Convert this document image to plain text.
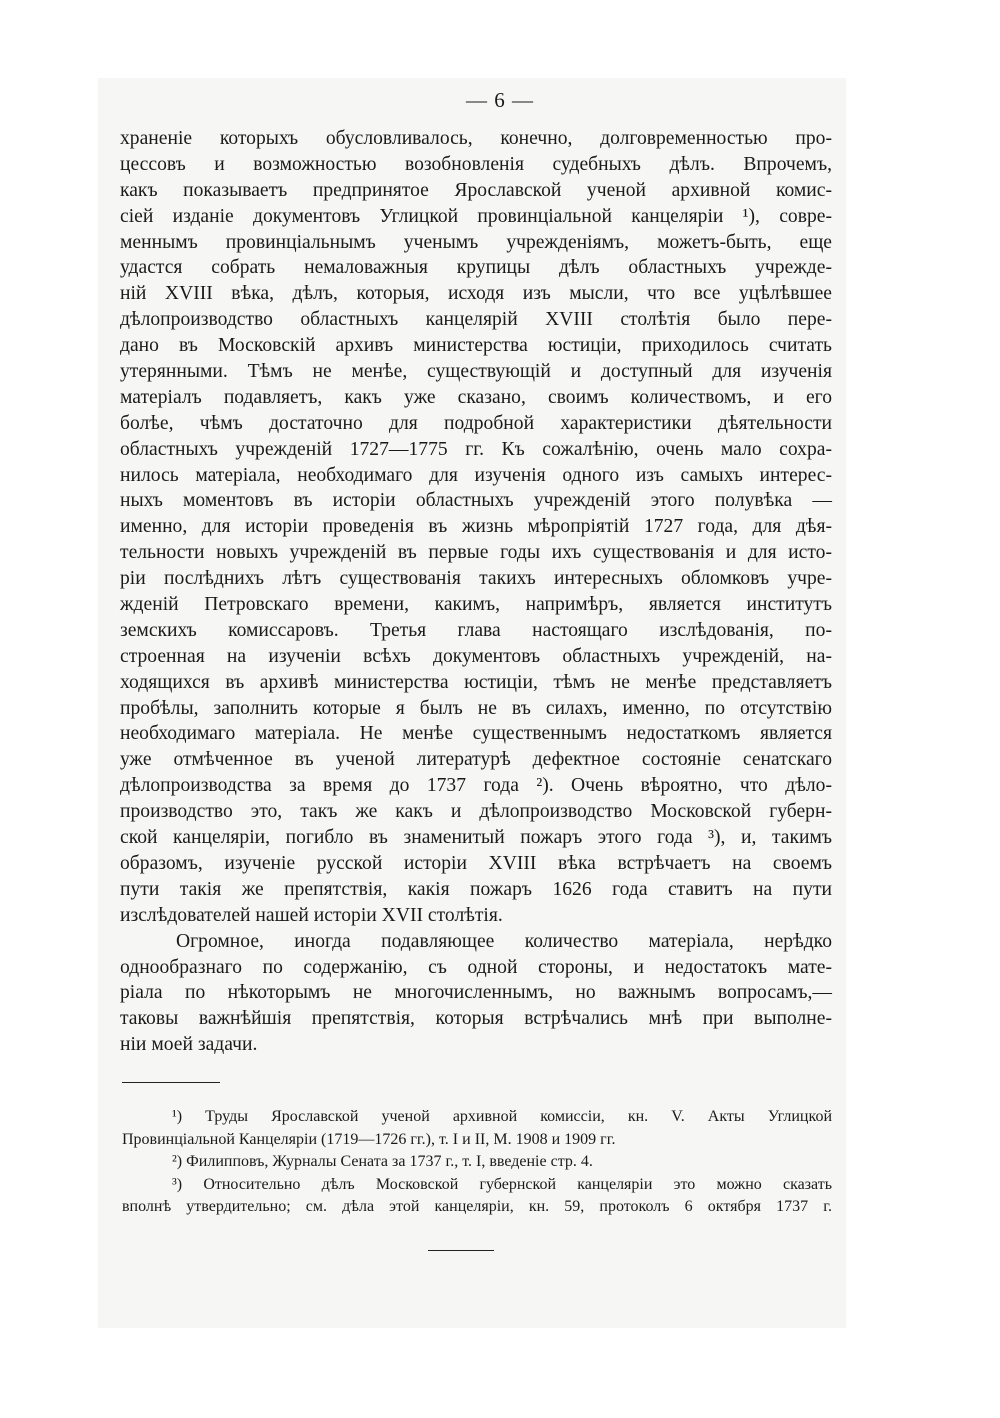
— 6 —
храненіе которыхъ обусловливалось, конечно, долговременностью про-
цессовъ и возможностью возобновленія судебныхъ дѣлъ. Впрочемъ,
какъ показываетъ предпринятое Ярославской ученой архивной комис-
сіей изданіе документовъ Углицкой провинціальной канцеляріи ¹), совре-
меннымъ провинціальнымъ ученымъ учрежденіямъ, можетъ-быть, еще
удастся собрать немаловажныя крупицы дѣлъ областныхъ учрежде-
ній XVIII вѣка, дѣлъ, которыя, исходя изъ мысли, что все уцѣлѣвшее
дѣлопроизводство областныхъ канцелярій XVIII столѣтія было пере-
дано въ Московскій архивъ министерства юстиціи, приходилось считать
утерянными. Тѣмъ не менѣе, существующій и доступный для изученія
матеріалъ подавляетъ, какъ уже сказано, своимъ количествомъ, и его
болѣе, чѣмъ достаточно для подробной характеристики дѣятельности
областныхъ учрежденій 1727—1775 гг. Къ сожалѣнію, очень мало сохра-
нилось матеріала, необходимаго для изученія одного изъ самыхъ интерес-
ныхъ моментовъ въ исторіи областныхъ учрежденій этого полувѣка —
именно, для исторіи проведенія въ жизнь мѣропріятій 1727 года, для дѣя-
тельности новыхъ учрежденій въ первые годы ихъ существованія и для исто-
ріи послѣднихъ лѣтъ существованія такихъ интересныхъ обломковъ учре-
жденій Петровскаго времени, какимъ, напримѣръ, является институтъ
земскихъ комиссаровъ. Третья глава настоящаго изслѣдованія, по-
строенная на изученіи всѣхъ документовъ областныхъ учрежденій, на-
ходящихся въ архивѣ министерства юстиціи, тѣмъ не менѣе представляетъ
пробѣлы, заполнить которые я былъ не въ силахъ, именно, по отсутствію
необходимаго матеріала. Не менѣе существеннымъ недостаткомъ является
уже отмѣченное въ ученой литературѣ дефектное состояніе сенатскаго
дѣлопроизводства за время до 1737 года ²). Очень вѣроятно, что дѣло-
производство это, такъ же какъ и дѣлопроизводство Московской губерн-
ской канцеляріи, погибло въ знаменитый пожаръ этого года ³), и, такимъ
образомъ, изученіе русской исторіи XVIII вѣка встрѣчаетъ на своемъ
пути такія же препятствія, какія пожаръ 1626 года ставитъ на пути
изслѣдователей нашей исторіи XVII столѣтія.
Огромное, иногда подавляющее количество матеріала, нерѣдко
однообразнаго по содержанію, съ одной стороны, и недостатокъ мате-
ріала по нѣкоторымъ не многочисленнымъ, но важнымъ вопросамъ,—
таковы важнѣйшія препятствія, которыя встрѣчались мнѣ при выполне-
ніи моей задачи.
¹) Труды Ярославской ученой архивной комиссіи, кн. V. Акты Углицкой
Провинціальной Канцеляріи (1719—1726 гг.), т. I и II, М. 1908 и 1909 гг.
²) Филипповъ, Журналы Сената за 1737 г., т. I, введеніе стр. 4.
³) Относительно дѣлъ Московской губернской канцеляріи это можно сказать
вполнѣ утвердительно; см. дѣла этой канцеляріи, кн. 59, протоколъ 6 октября 1737 г.
